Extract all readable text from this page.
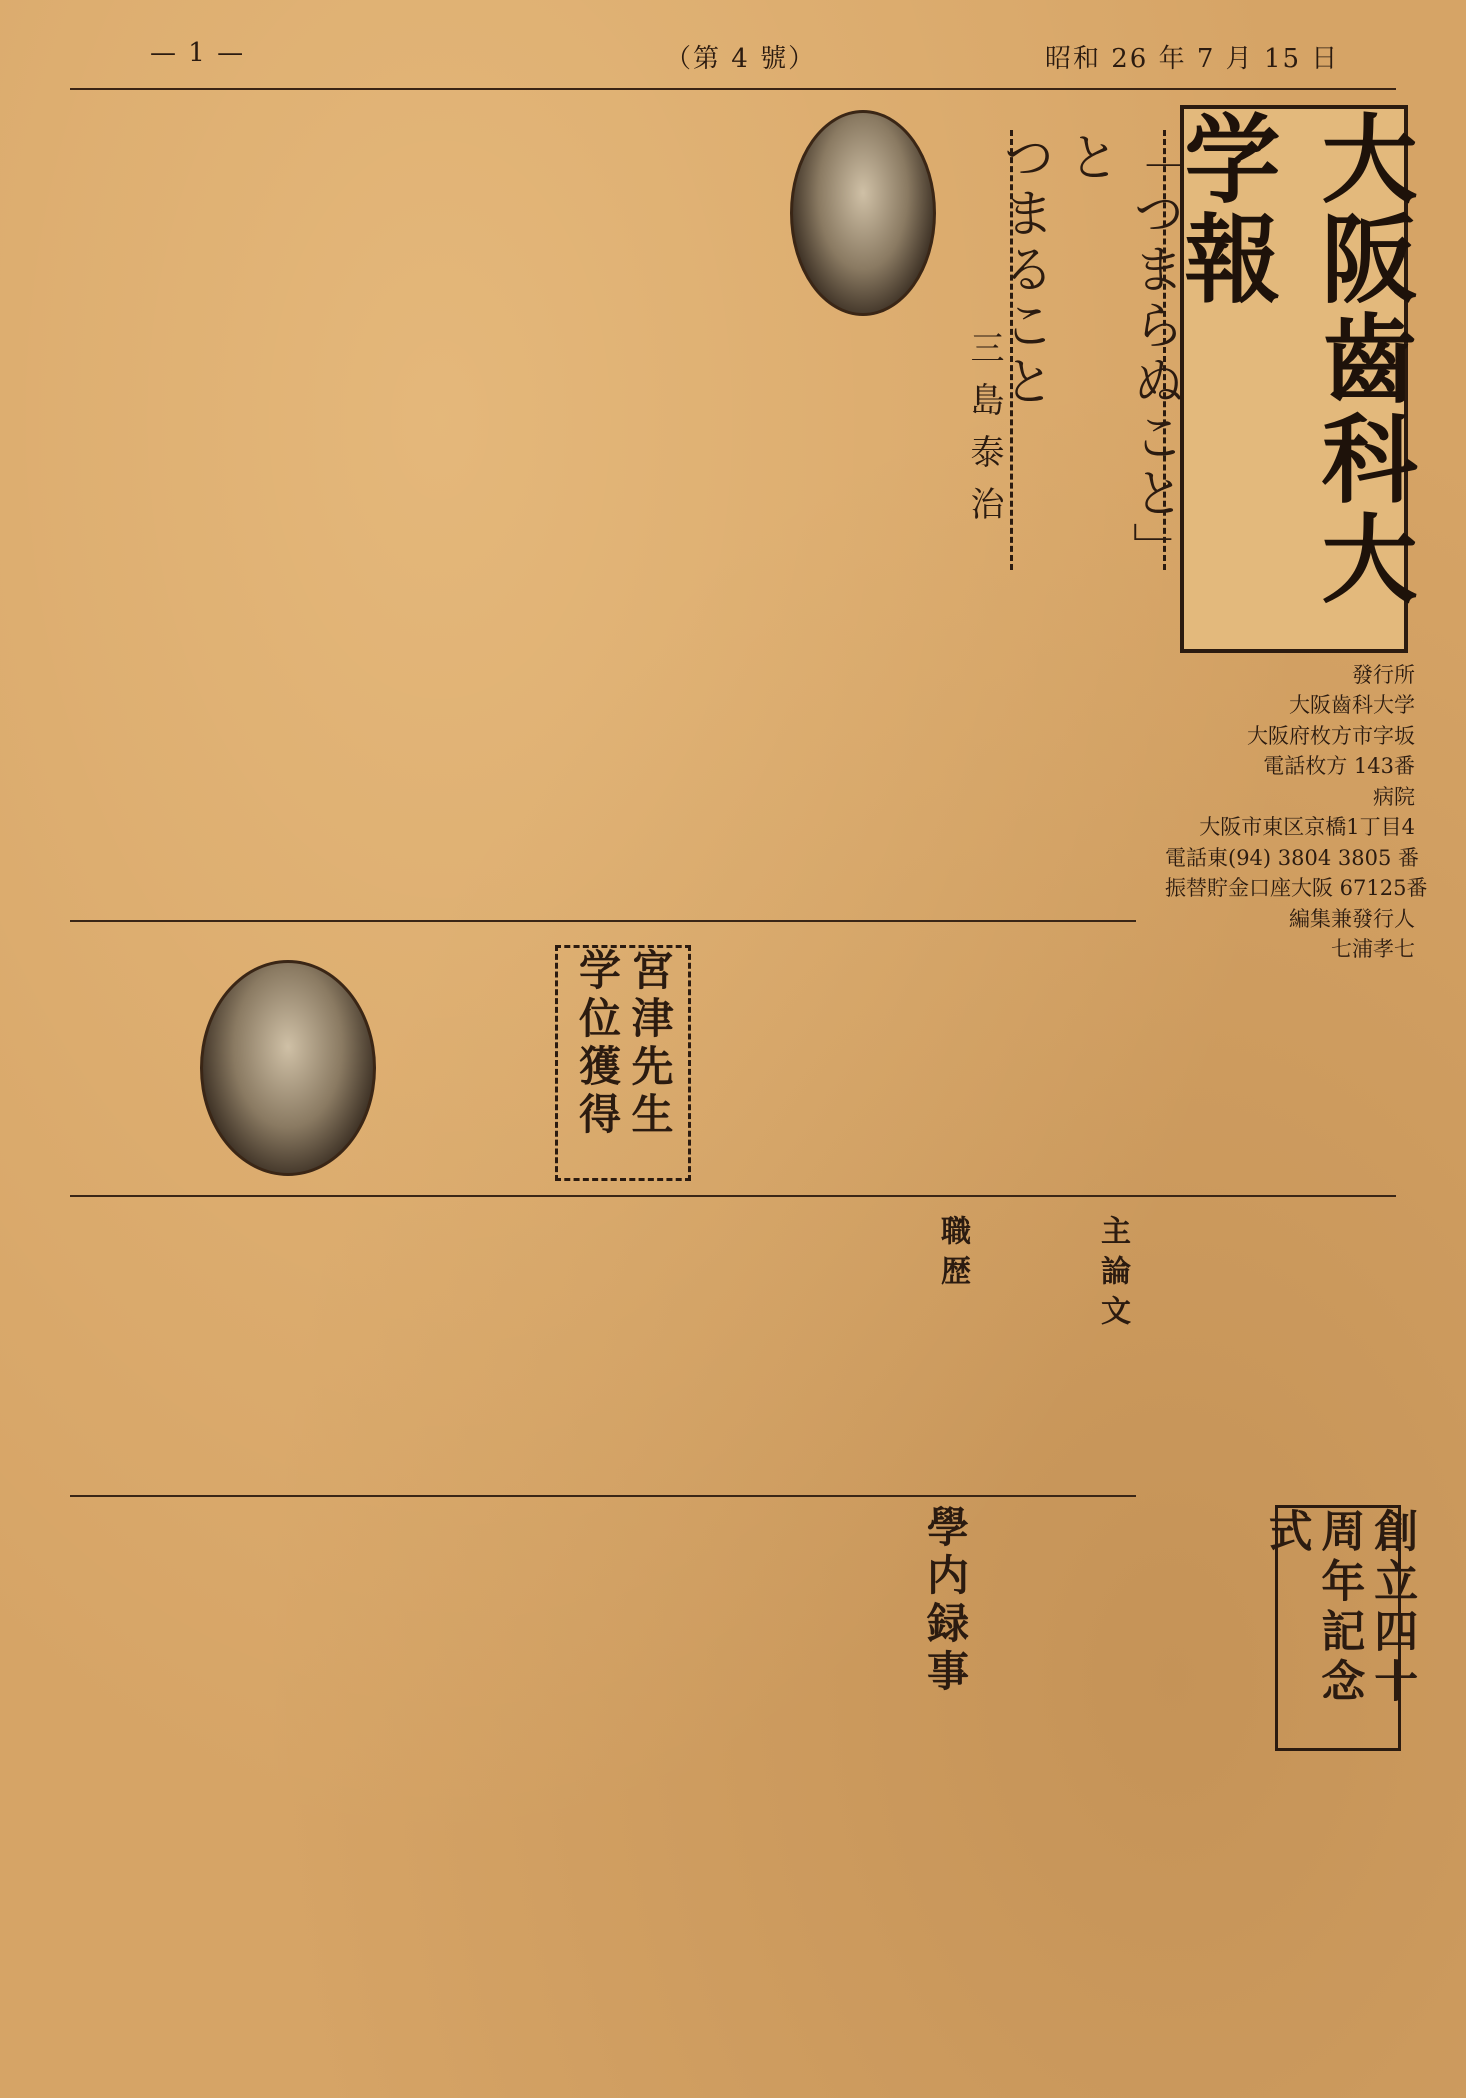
— 1 —	（第 4 號）	昭和 26 年 7 月 15 日
大阪齒科大学報
發行所
大阪齒科大学
大阪府枚方市字坂
電話枚方 143番
病院
大阪市東区京橋1丁目4
電話東(94) 3804 3805 番
振替貯金口座大阪 67125番
編集兼發行人
七浦孝七
「つまらぬこと」と
つまること
三島泰治
宮津先生学位獲得
主論文
職歴
創立四十周年記念式
學内録事
